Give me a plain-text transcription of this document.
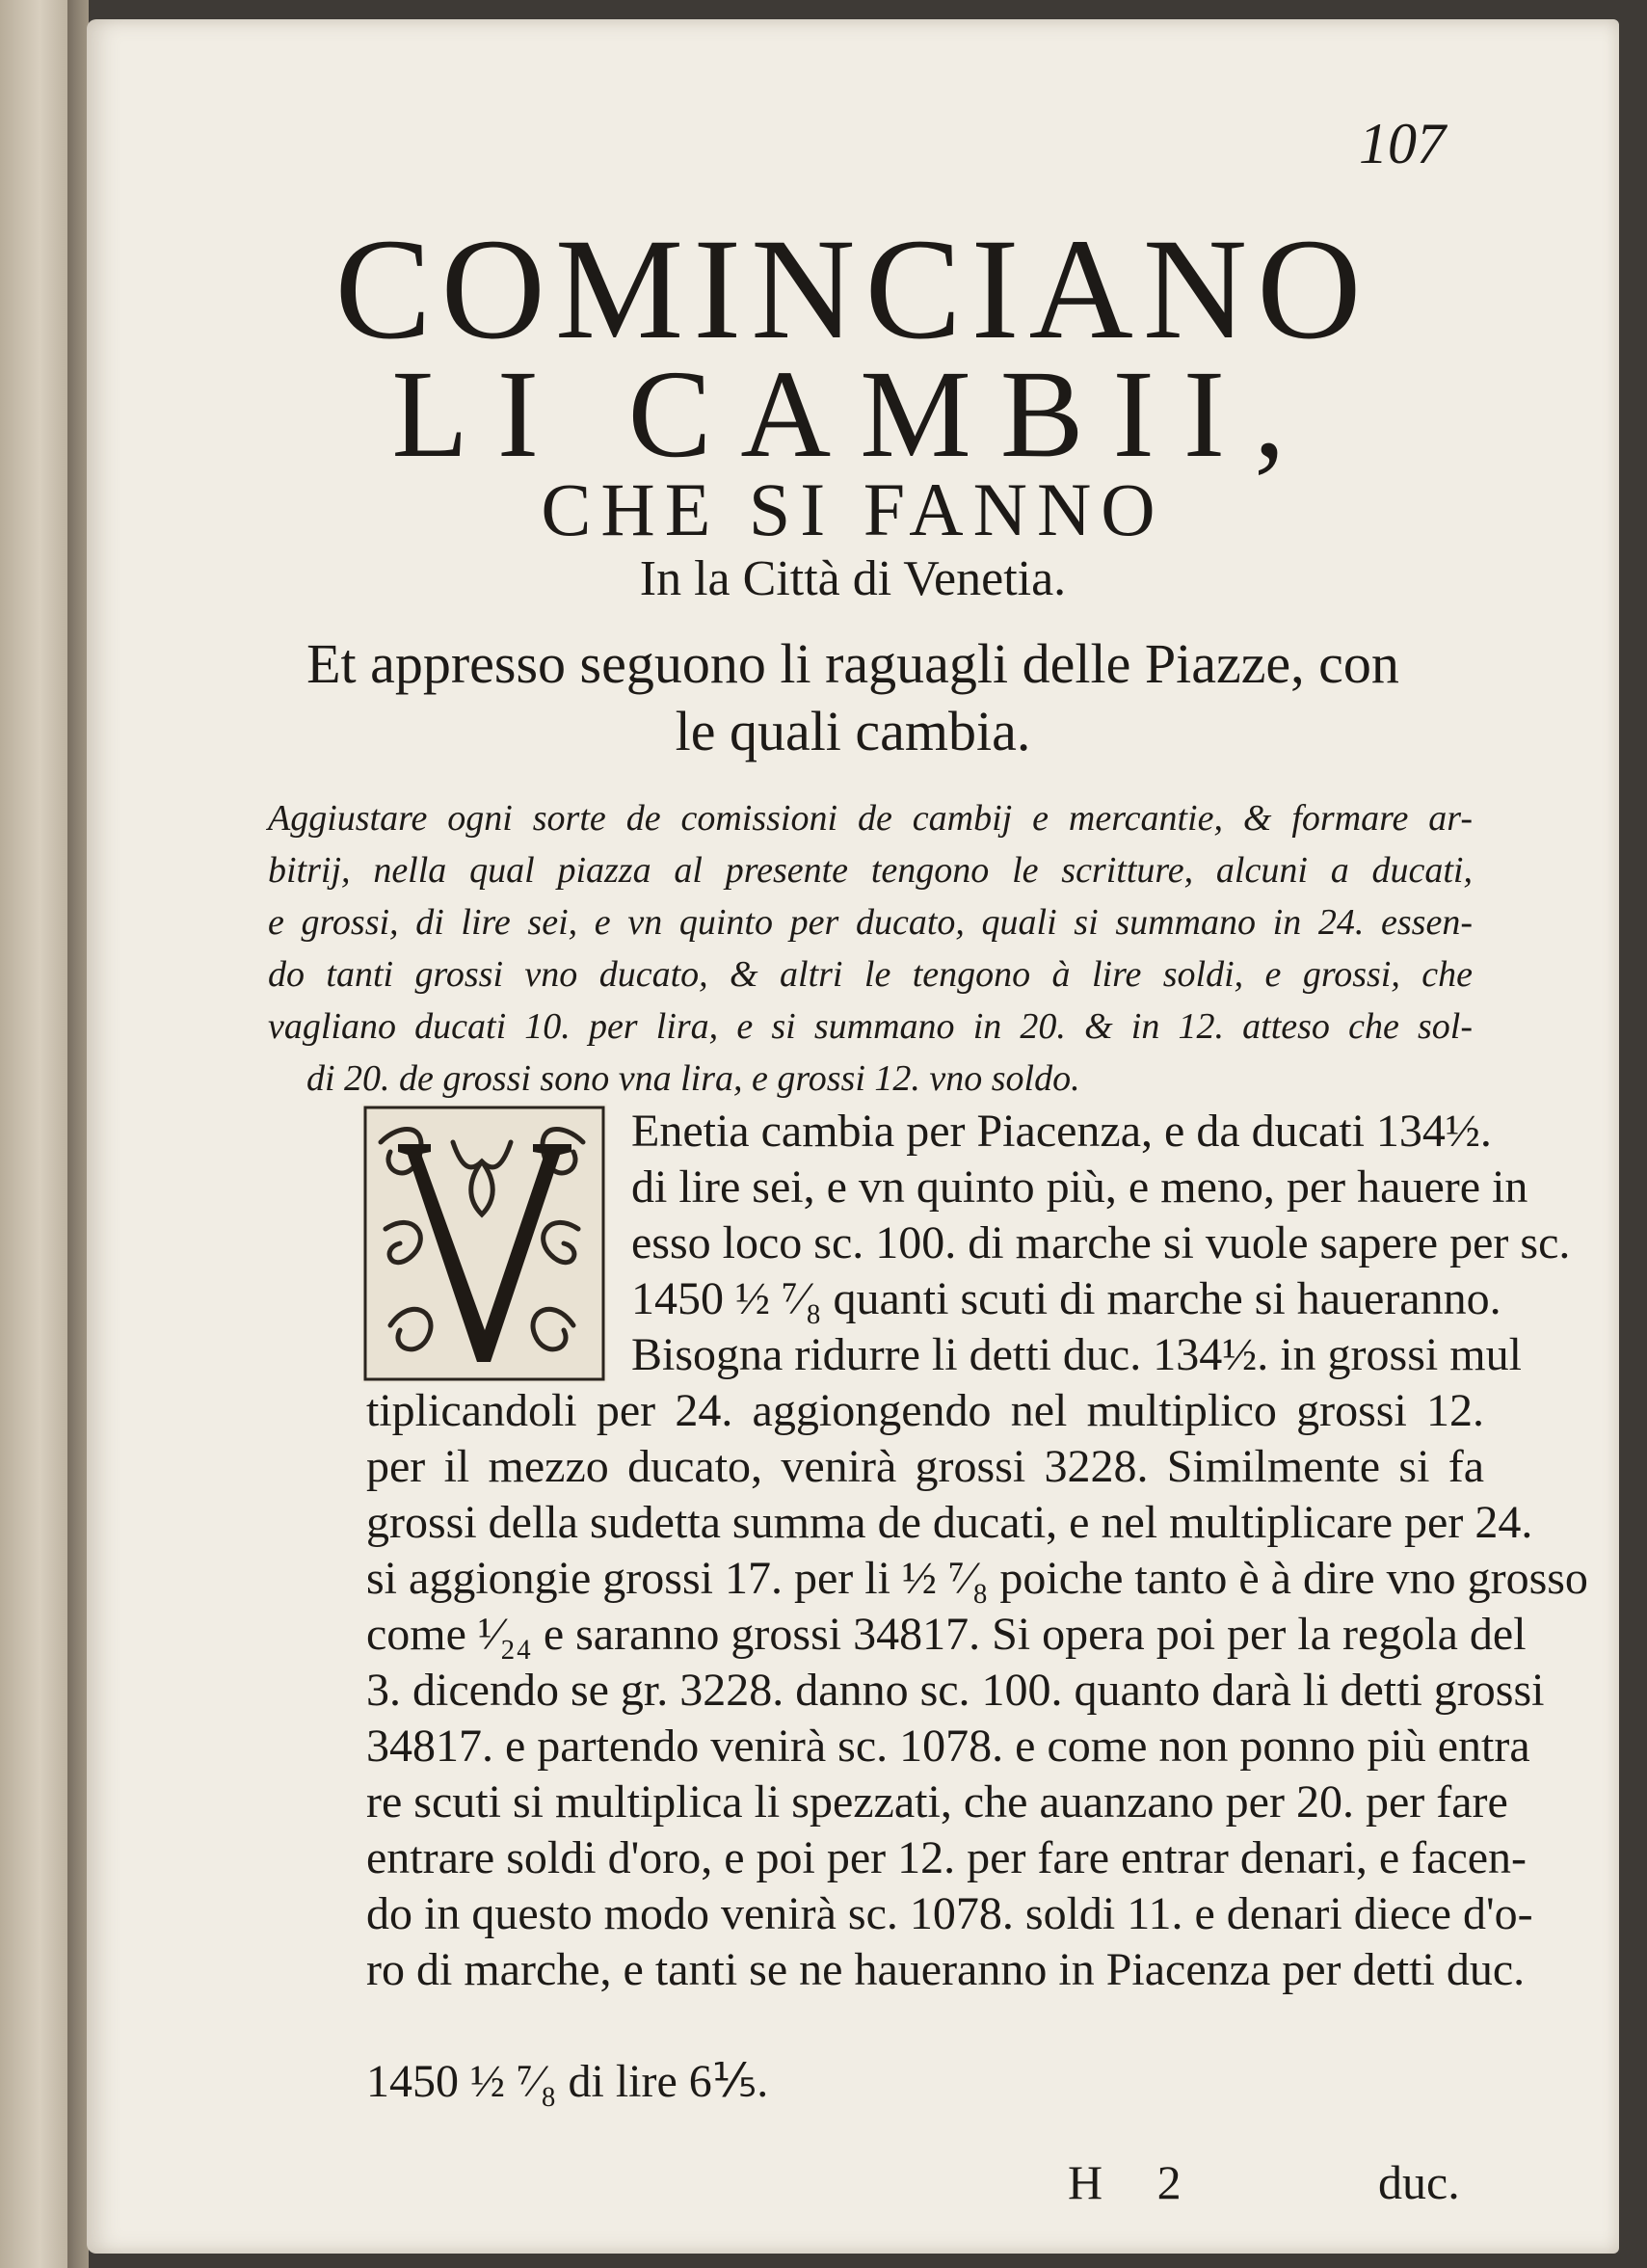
107
COMINCIANO
LI CAMBII,
CHE SI FANNO
In la Città di Venetia.
Et appresso seguono li raguagli delle Piazze, con
le quali cambia.
Aggiustare ogni sorte de comissioni de cambij e mercantie, & formare ar-
bitrij, nella qual piazza al presente tengono le scritture, alcuni a ducati,
e grossi, di lire sei, e vn quinto per ducato, quali si summano in 24. essen-
do tanti grossi vno ducato, & altri le tengono à lire soldi, e grossi, che
vagliano ducati 10. per lira, e si summano in 20. & in 12. atteso che sol-
di 20. de grossi sono vna lira, e grossi 12. vno soldo.
Enetia cambia per Piacenza, e da ducati 134½.
di lire sei, e vn quinto più, e meno, per hauere in
esso loco sc. 100. di marche si vuole sapere per sc.
1450 ½ ⁷⁄₈ quanti scuti di marche si haueranno.
Bisogna ridurre li detti duc. 134½. in grossi mul
tiplicandoli per 24. aggiongendo nel multiplico grossi 12.
per il mezzo ducato, venirà grossi 3228. Similmente si fa
grossi della sudetta summa de ducati, e nel multiplicare per 24.
si aggiongie grossi 17. per li ½ ⁷⁄₈ poiche tanto è à dire vno grosso
come ¹⁄₂₄ e saranno grossi 34817. Si opera poi per la regola del
3. dicendo se gr. 3228. danno sc. 100. quanto darà li detti grossi
34817. e partendo venirà sc. 1078. e come non ponno più entra
re scuti si multiplica li spezzati, che auanzano per 20. per fare
entrare soldi d'oro, e poi per 12. per fare entrar denari, e facen-
do in questo modo venirà sc. 1078. soldi 11. e denari diece d'o-
ro di marche, e tanti se ne haueranno in Piacenza per detti duc.
1450 ½ ⁷⁄₈ di lire 6⅕.
H 2	duc.
